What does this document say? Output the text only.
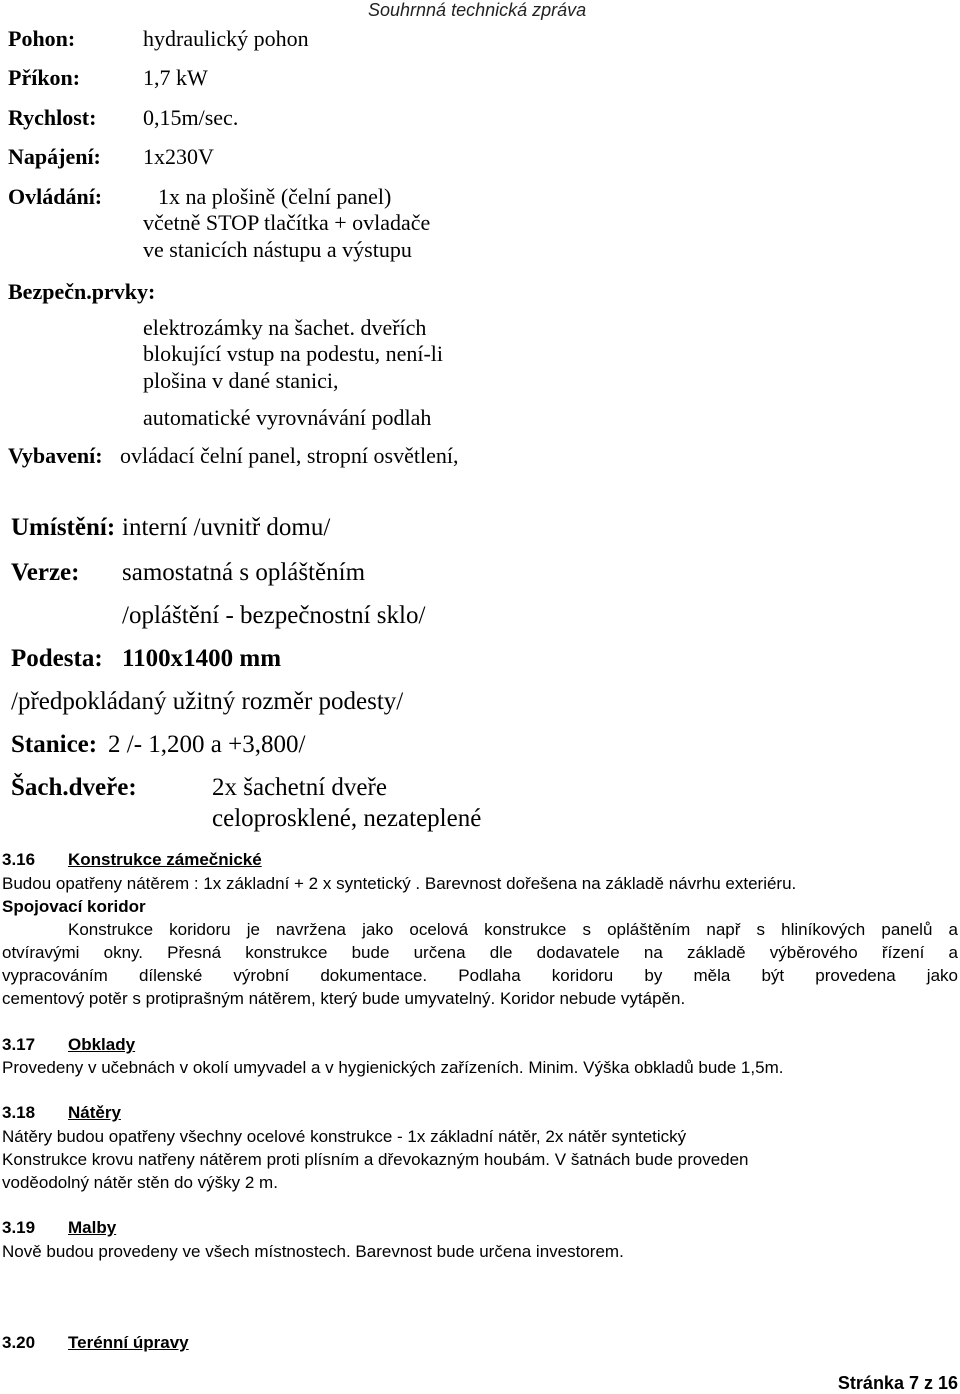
Souhrnná technická zpráva
Pohon:	hydraulický pohon
Příkon:	1,7 kW
Rychlost: 0,15m/sec.
Napájení: 1x230V
Ovládání:	1x na plošině (čelní panel)
včetně STOP tlačítka + ovladače
ve stanicích nástupu a výstupu
Bezpečn.prvky:
elektrozámky na šachet. dveřích
blokující vstup na podestu, není-li
plošina v dané stanici,
automatické vyrovnávání podlah
Vybavení: ovládací čelní panel, stropní osvětlení,
Umístění: interní /uvnitř domu/
Verze: samostatná s opláštěním
/opláštění - bezpečnostní sklo/
Podesta: 1100x1400 mm
/předpokládaný užitný rozměr podesty/
Stanice: 2 /- 1,200 a +3,800/
Šach.dveře:	2x šachetní dveře
celoprosklené, nezateplené
3.16 Konstrukce zámečnické
Budou opatřeny nátěrem : 1x základní + 2 x syntetický . Barevnost dořešena na základě návrhu exteriéru.
Spojovací koridor
Konstrukce koridoru je navržena jako ocelová konstrukce s opláštěním např s hliníkových panelů a
otvíravými okny. Přesná konstrukce bude určena dle dodavatele na základě výběrového řízení a
vypracováním dílenské výrobní dokumentace. Podlaha koridoru by měla být provedena jako
cementový potěr s protiprašným nátěrem, který bude umyvatelný. Koridor nebude vytápěn.
3.17 Obklady
Provedeny v učebnách v okolí umyvadel a v hygienických zařízeních. Minim. Výška obkladů bude 1,5m.
3.18 Nátěry
Nátěry budou opatřeny všechny ocelové konstrukce - 1x základní nátěr, 2x nátěr syntetický
Konstrukce krovu natřeny nátěrem proti plísním a dřevokazným houbám. V šatnách bude proveden
voděodolný nátěr stěn do výšky 2 m.
3.19 Malby
Nově budou provedeny ve všech místnostech. Barevnost bude určena investorem.
3.20 Terénní úpravy
Stránka 7 z 16
